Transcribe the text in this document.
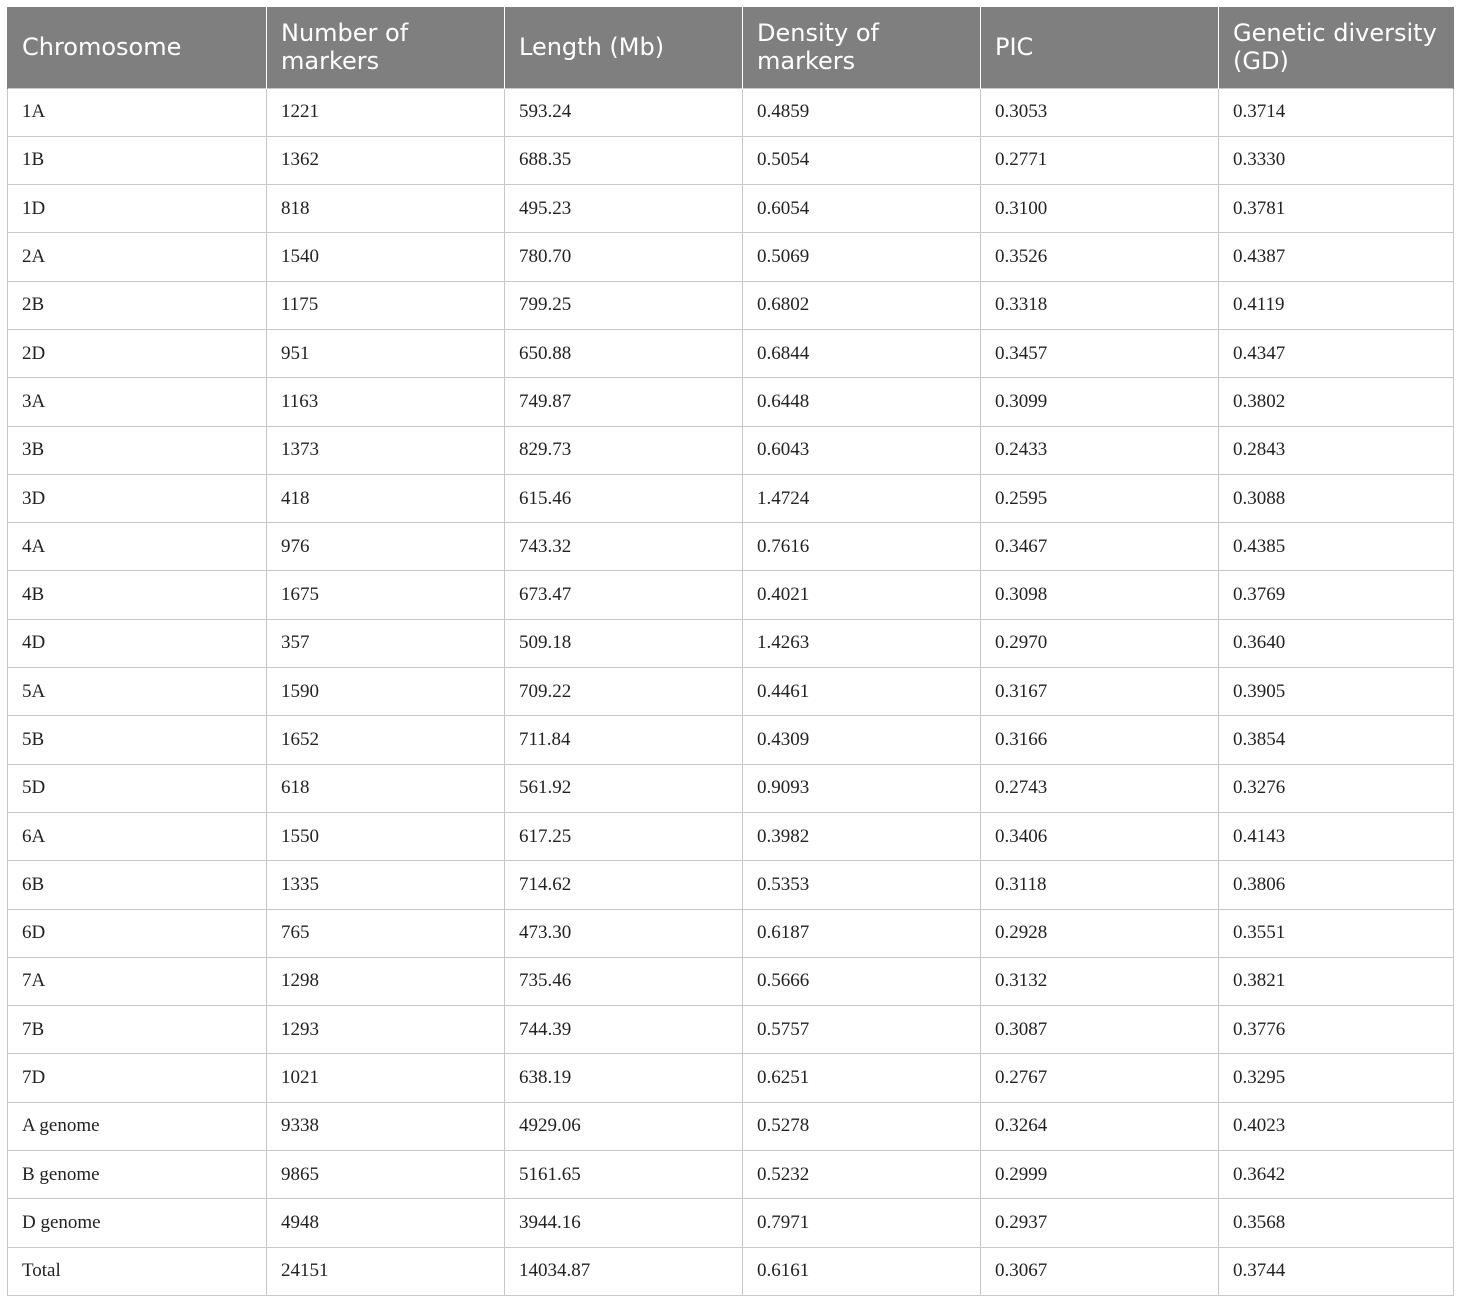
Chromosome	Number of markers	Length (Mb)	Density of markers	PIC	Genetic diversity (GD)
1A	1221	593.24	0.4859	0.3053	0.3714
1B	1362	688.35	0.5054	0.2771	0.3330
1D	818	495.23	0.6054	0.3100	0.3781
2A	1540	780.70	0.5069	0.3526	0.4387
2B	1175	799.25	0.6802	0.3318	0.4119
2D	951	650.88	0.6844	0.3457	0.4347
3A	1163	749.87	0.6448	0.3099	0.3802
3B	1373	829.73	0.6043	0.2433	0.2843
3D	418	615.46	1.4724	0.2595	0.3088
4A	976	743.32	0.7616	0.3467	0.4385
4B	1675	673.47	0.4021	0.3098	0.3769
4D	357	509.18	1.4263	0.2970	0.3640
5A	1590	709.22	0.4461	0.3167	0.3905
5B	1652	711.84	0.4309	0.3166	0.3854
5D	618	561.92	0.9093	0.2743	0.3276
6A	1550	617.25	0.3982	0.3406	0.4143
6B	1335	714.62	0.5353	0.3118	0.3806
6D	765	473.30	0.6187	0.2928	0.3551
7A	1298	735.46	0.5666	0.3132	0.3821
7B	1293	744.39	0.5757	0.3087	0.3776
7D	1021	638.19	0.6251	0.2767	0.3295
A genome	9338	4929.06	0.5278	0.3264	0.4023
B genome	9865	5161.65	0.5232	0.2999	0.3642
D genome	4948	3944.16	0.7971	0.2937	0.3568
Total	24151	14034.87	0.6161	0.3067	0.3744
